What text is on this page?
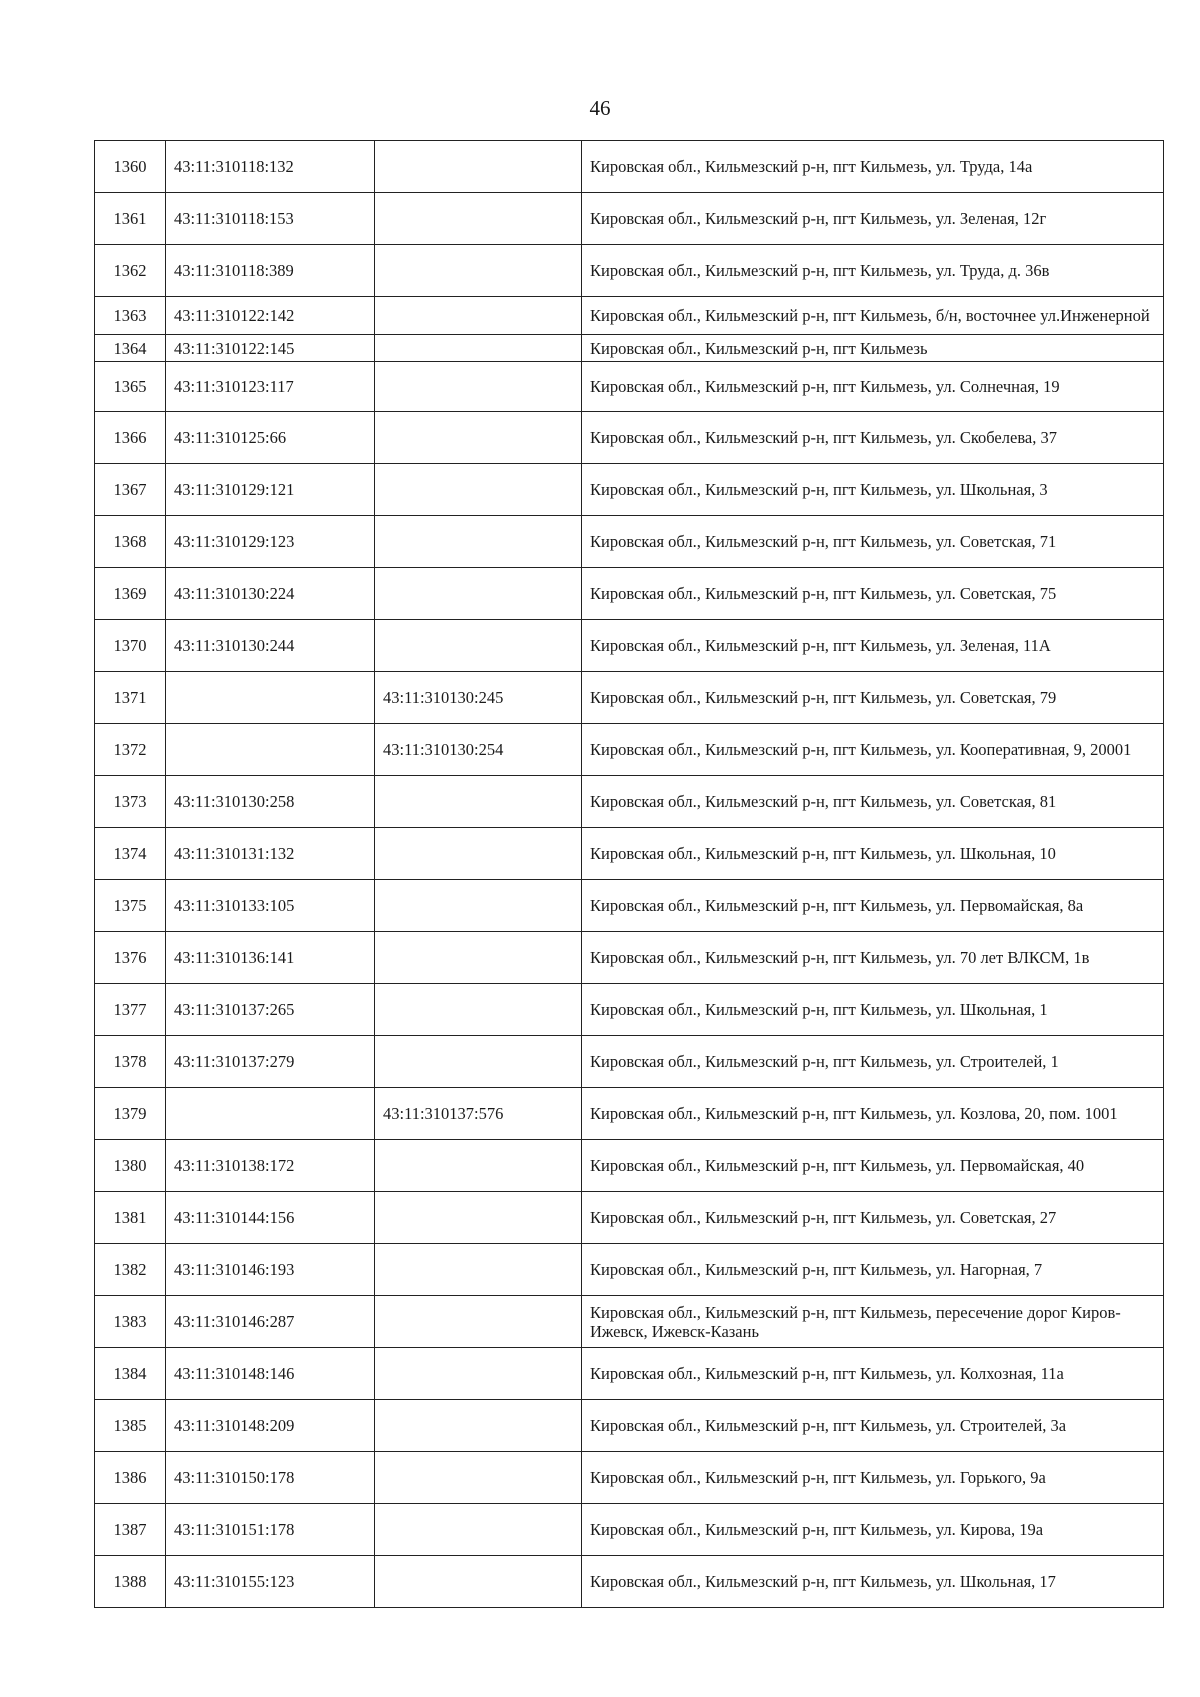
46
1360	43:11:310118:132		Кировская обл., Кильмезский р-н, пгт Кильмезь, ул. Труда, 14а
1361	43:11:310118:153		Кировская обл., Кильмезский р-н, пгт Кильмезь, ул. Зеленая, 12г
1362	43:11:310118:389		Кировская обл., Кильмезский р-н, пгт Кильмезь, ул. Труда, д. 36в
1363	43:11:310122:142		Кировская обл., Кильмезский р-н, пгт Кильмезь, б/н, восточнее ул.Инженерной
1364	43:11:310122:145		Кировская обл., Кильмезский р-н, пгт Кильмезь
1365	43:11:310123:117		Кировская обл., Кильмезский р-н, пгт Кильмезь, ул. Солнечная, 19
1366	43:11:310125:66		Кировская обл., Кильмезский р-н, пгт Кильмезь, ул. Скобелева, 37
1367	43:11:310129:121		Кировская обл., Кильмезский р-н, пгт Кильмезь, ул. Школьная, 3
1368	43:11:310129:123		Кировская обл., Кильмезский р-н, пгт Кильмезь, ул. Советская, 71
1369	43:11:310130:224		Кировская обл., Кильмезский р-н, пгт Кильмезь, ул. Советская, 75
1370	43:11:310130:244		Кировская обл., Кильмезский р-н, пгт Кильмезь, ул. Зеленая, 11А
1371		43:11:310130:245	Кировская обл., Кильмезский р-н, пгт Кильмезь, ул. Советская, 79
1372		43:11:310130:254	Кировская обл., Кильмезский р-н, пгт Кильмезь, ул. Кооперативная, 9, 20001
1373	43:11:310130:258		Кировская обл., Кильмезский р-н, пгт Кильмезь, ул. Советская, 81
1374	43:11:310131:132		Кировская обл., Кильмезский р-н, пгт Кильмезь, ул. Школьная, 10
1375	43:11:310133:105		Кировская обл., Кильмезский р-н, пгт Кильмезь, ул. Первомайская, 8а
1376	43:11:310136:141		Кировская обл., Кильмезский р-н, пгт Кильмезь, ул. 70 лет ВЛКСМ, 1в
1377	43:11:310137:265		Кировская обл., Кильмезский р-н, пгт Кильмезь, ул. Школьная, 1
1378	43:11:310137:279		Кировская обл., Кильмезский р-н, пгт Кильмезь, ул. Строителей, 1
1379		43:11:310137:576	Кировская обл., Кильмезский р-н, пгт Кильмезь, ул. Козлова, 20, пом. 1001
1380	43:11:310138:172		Кировская обл., Кильмезский р-н, пгт Кильмезь, ул. Первомайская, 40
1381	43:11:310144:156		Кировская обл., Кильмезский р-н, пгт Кильмезь, ул. Советская, 27
1382	43:11:310146:193		Кировская обл., Кильмезский р-н, пгт Кильмезь, ул. Нагорная, 7
1383	43:11:310146:287		Кировская обл., Кильмезский р-н, пгт Кильмезь, пересечение дорог Киров-Ижевск, Ижевск-Казань
1384	43:11:310148:146		Кировская обл., Кильмезский р-н, пгт Кильмезь, ул. Колхозная, 11а
1385	43:11:310148:209		Кировская обл., Кильмезский р-н, пгт Кильмезь, ул. Строителей, 3а
1386	43:11:310150:178		Кировская обл., Кильмезский р-н, пгт Кильмезь, ул. Горького, 9а
1387	43:11:310151:178		Кировская обл., Кильмезский р-н, пгт Кильмезь, ул. Кирова, 19а
1388	43:11:310155:123		Кировская обл., Кильмезский р-н, пгт Кильмезь, ул. Школьная, 17
